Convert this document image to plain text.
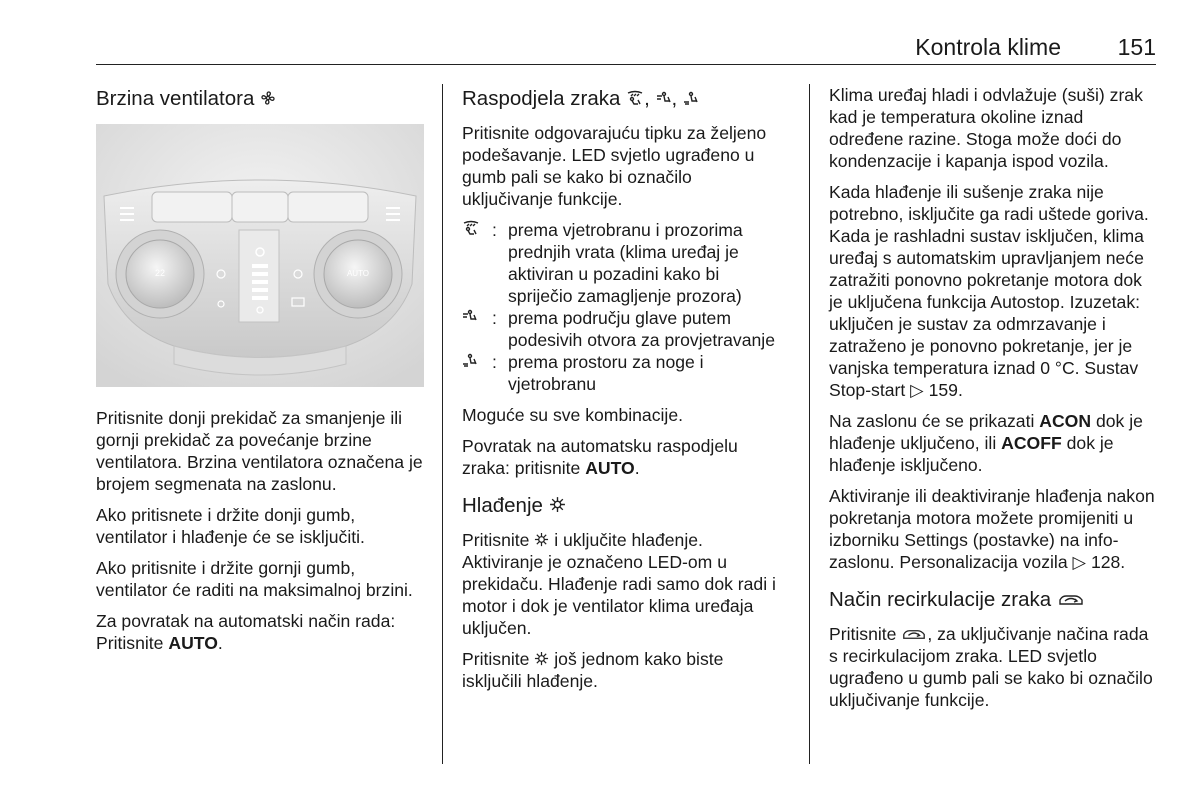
Kontrola klime 151
Brzina ventilatora
22	AUTO

Pritisnite donji prekidač za smanjenje ili gornji prekidač za povećanje brzine ventilatora. Brzina ventilatora označena je brojem segmenata na zaslonu.

Ako pritisnete i držite donji gumb, ventilator i hlađenje će se isključiti.

Ako pritisnite i držite gornji gumb, ventilator će raditi na maksimalnoj brzini.

Za povratak na automatski način rada: Pritisnite AUTO.

Raspodjela zraka , ,

Pritisnite odgovarajuću tipku za željeno podešavanje. LED svjetlo ugrađeno u gumb pali se kako bi označilo uključivanje funkcije.

: prema vjetrobranu i prozorima prednjih vrata (klima uređaj je aktiviran u pozadini kako bi spriječio zamagljenje prozora)
: prema području glave putem podesivih otvora za provjetravanje
: prema prostoru za noge i vjetrobranu

Moguće su sve kombinacije.

Povratak na automatsku raspodjelu zraka: pritisnite AUTO.

Hlađenje

Pritisnite  i uključite hlađenje. Aktiviranje je označeno LED-om u prekidaču. Hlađenje radi samo dok radi i motor i dok je ventilator klima uređaja uključen.

Pritisnite  još jednom kako biste isključili hlađenje.

Klima uređaj hladi i odvlažuje (suši) zrak kad je temperatura okoline iznad određene razine. Stoga može doći do kondenzacije i kapanja ispod vozila.

Kada hlađenje ili sušenje zraka nije potrebno, isključite ga radi uštede goriva. Kada je rashladni sustav isključen, klima uređaj s automatskim upravljanjem neće zatražiti ponovno pokretanje motora dok je uključena funkcija Autostop. Izuzetak: uključen je sustav za odmrzavanje i zatraženo je ponovno pokretanje, jer je vanjska temperatura iznad 0 °C. Sustav Stop-start ▷ 159.

Na zaslonu će se prikazati ACON dok je hlađenje uključeno, ili ACOFF dok je hlađenje isključeno.

Aktiviranje ili deaktiviranje hlađenja nakon pokretanja motora možete promijeniti u izborniku Settings (postavke) na info-zaslonu. Personalizacija vozila ▷ 128.

Način recirkulacije zraka

Pritisnite , za uključivanje načina rada s recirkulacijom zraka. LED svjetlo ugrađeno u gumb pali se kako bi označilo uključivanje funkcije.
